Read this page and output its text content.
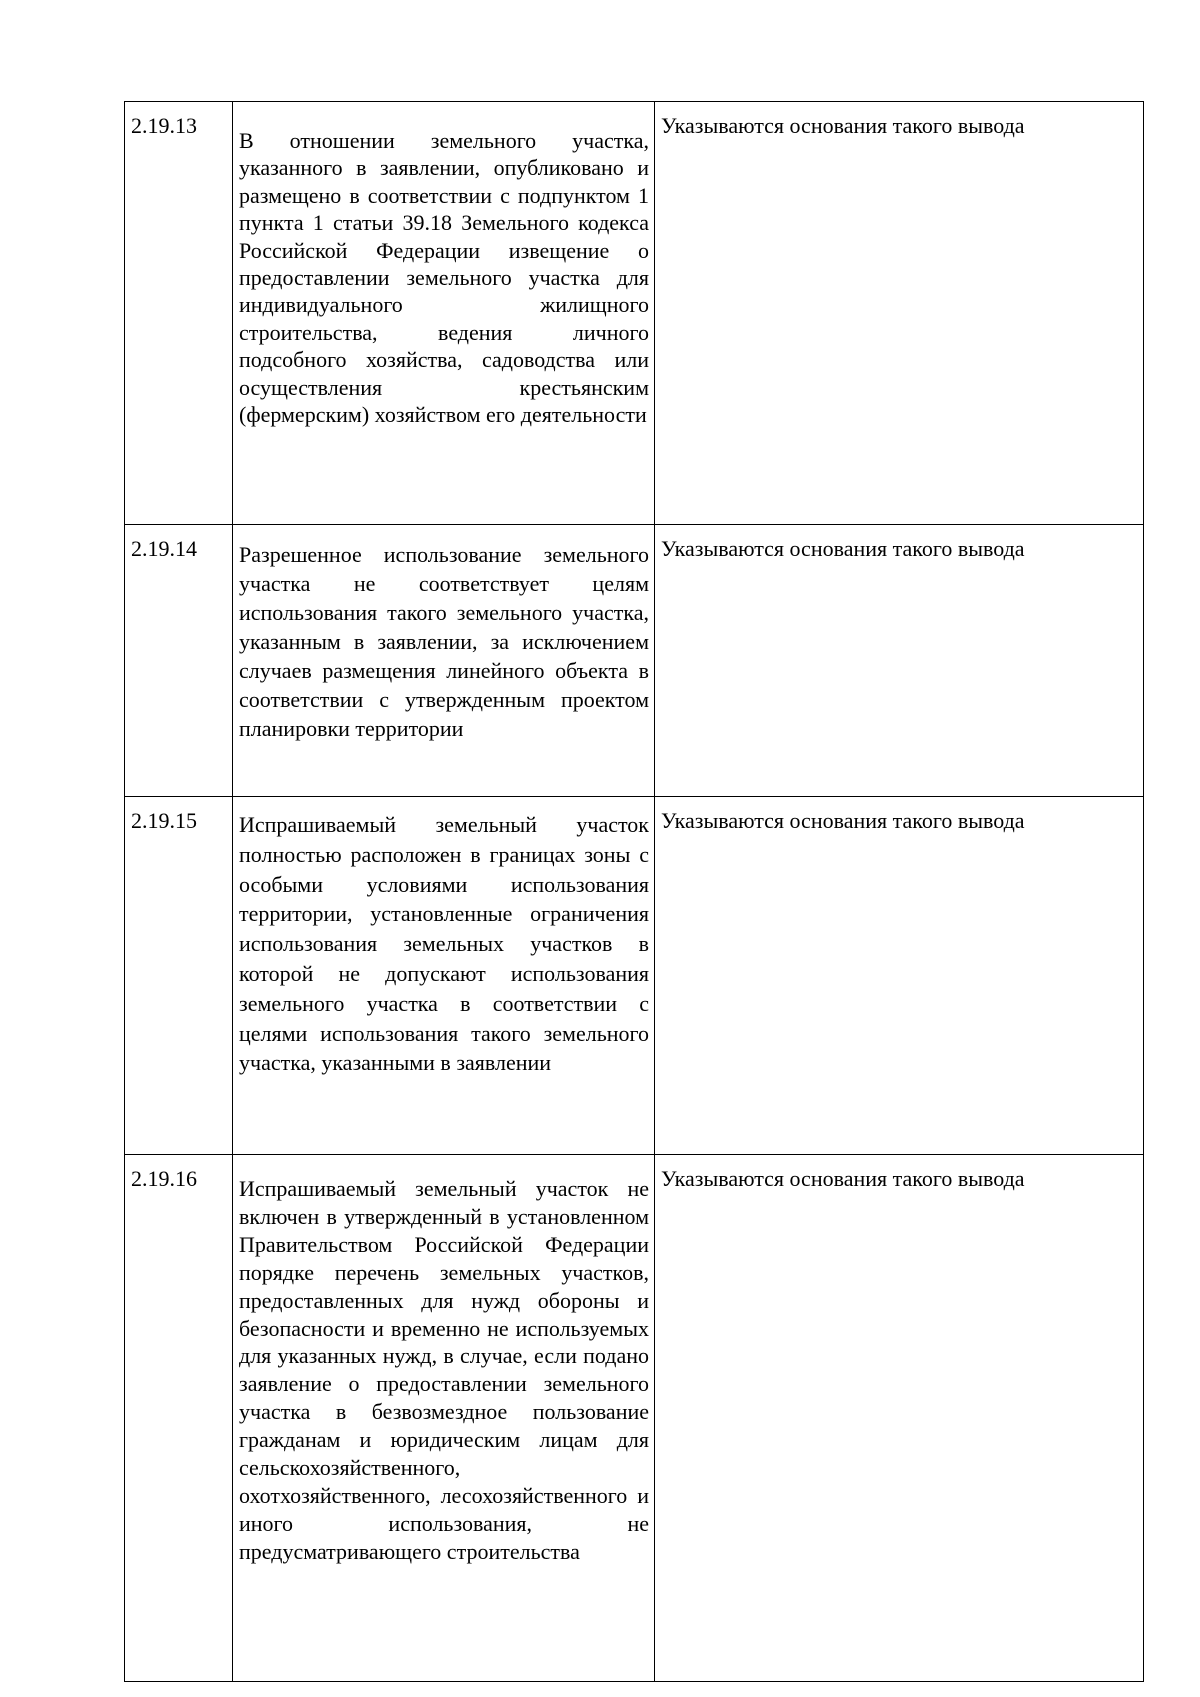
2.19.13	В отношении земельного участка, указанного в заявлении, опубликовано и размещено в соответствии с подпунктом 1 пункта 1 статьи 39.18 Земельного кодекса Российской Федерации извещение о предоставлении земельного участка для индивидуального жилищного строительства, ведения личного подсобного хозяйства, садоводства или осуществления крестьянским (фермерским) хозяйством его деятельности	Указываются основания такого вывода
2.19.14	Разрешенное использование земельного участка не соответствует целям использования такого земельного участка, указанным в заявлении, за исключением случаев размещения линейного объекта в соответствии с утвержденным проектом планировки территории	Указываются основания такого вывода
2.19.15	Испрашиваемый земельный участок полностью расположен в границах зоны с особыми условиями использования территории, установленные ограничения использования земельных участков в которой не допускают использования земельного участка в соответствии с целями использования такого земельного участка, указанными в заявлении	Указываются основания такого вывода
2.19.16	Испрашиваемый земельный участок не включен в утвержденный в установленном Правительством Российской Федерации порядке перечень земельных участков, предоставленных для нужд обороны и безопасности и временно не используемых для указанных нужд, в случае, если подано заявление о предоставлении земельного участка в безвозмездное пользование гражданам и юридическим лицам для сельскохозяйственного, охотхозяйственного, лесохозяйственного и иного использования, не предусматривающего строительства	Указываются основания такого вывода
